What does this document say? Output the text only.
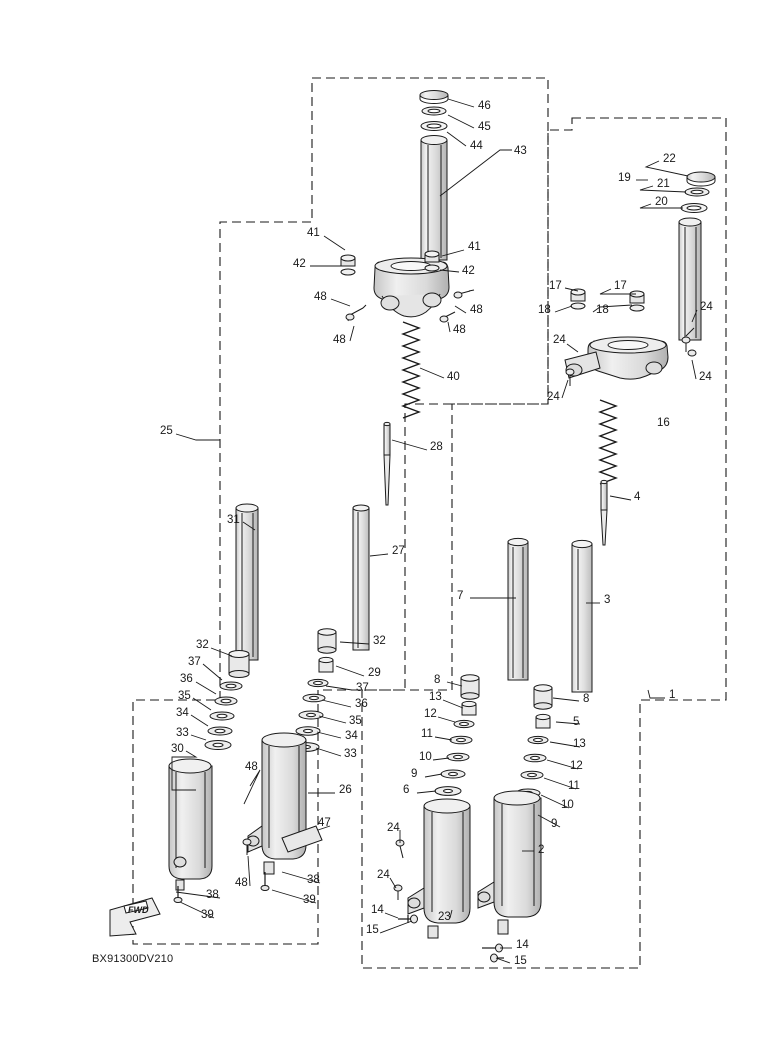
46
45
44	43
22
19 21
20
41
41
42
42
17	17
48
18	18
48	24
48
48
24
24
40
24
16
25
28
4
31
27
7	3
32	32
37
29
36
37
8
8	1
35	13
36
34
5
35
12
13
33	34	11
30	33
12
10
9
11
48
6
10
26
9
47	24
2
38	24
48
38	39
14
23
39
15
14
15
FWD
BX91300DV210
